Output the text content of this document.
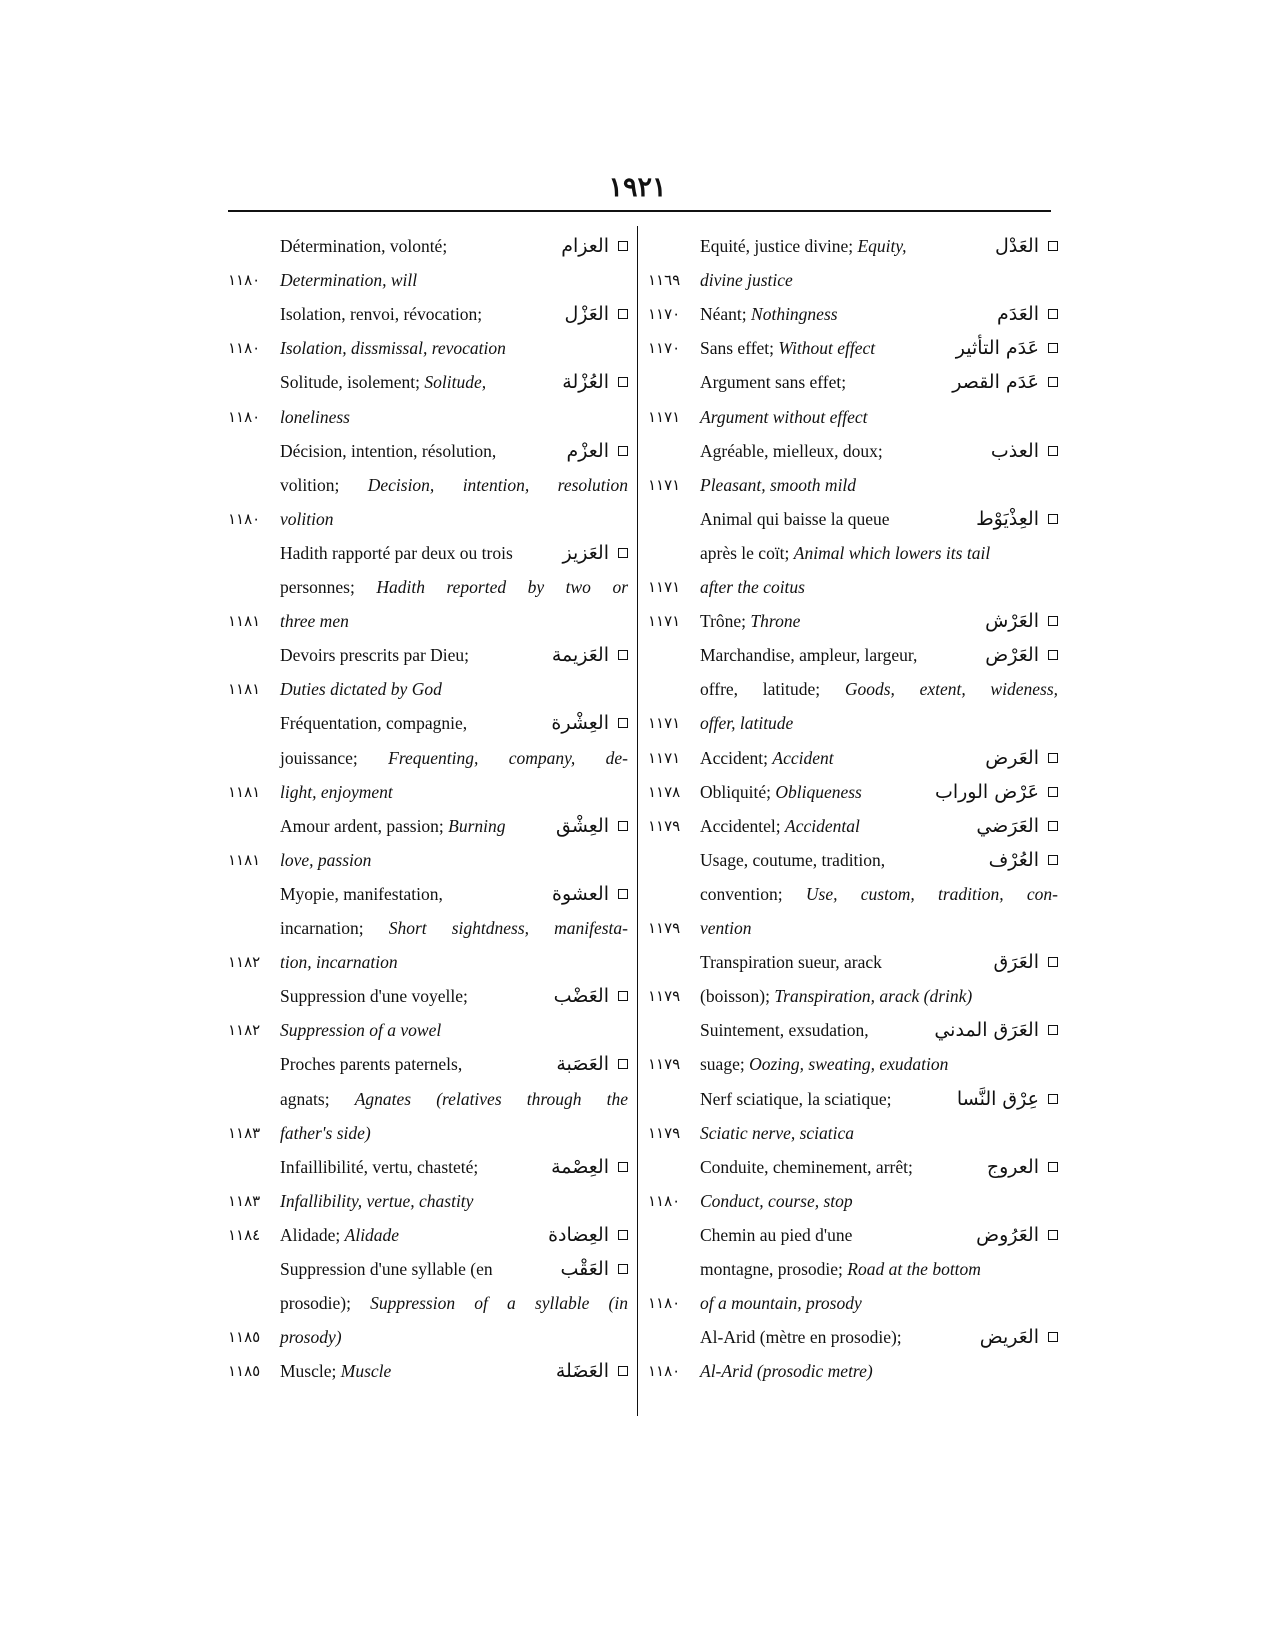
١٩٢١
Equité, justice divine; Equity,	العَدْل
١١٦٩ divine justice
١١٧٠ Néant; Nothingness	العَدَم
١١٧٠ Sans effet; Without effect	عَدَم التأثير
Argument sans effet;	عَدَم القصر
١١٧١ Argument without effect
Agréable, mielleux, doux;	العذب
١١٧١ Pleasant, smooth mild
Animal qui baisse la queue	العِذْيَوْط
après le coït; Animal which lowers its tail
١١٧١ after the coitus
١١٧١ Trône; Throne	العَرْش
Marchandise, ampleur, largeur,	العَرْض
offre, latitude; Goods, extent, wideness,
١١٧١ offer, latitude
١١٧١ Accident; Accident	العَرض
١١٧٨ Obliquité; Obliqueness	عَرْض الوراب
١١٧٩ Accidentel; Accidental	العَرَضي
Usage, coutume, tradition,	العُرْف
convention; Use, custom, tradition, con-
١١٧٩ vention
Transpiration sueur, arack	العَرَق
١١٧٩ (boisson); Transpiration, arack (drink)
Suintement, exsudation,	العَرَق المدني
١١٧٩ suage; Oozing, sweating, exudation
Nerf sciatique, la sciatique;	عِرْق النَّسا
١١٧٩ Sciatic nerve, sciatica
Conduite, cheminement, arrêt;	العروج
١١٨٠ Conduct, course, stop
Chemin au pied d'une	العَرُوض
montagne, prosodie; Road at the bottom
١١٨٠ of a mountain, prosody
Al-Arid (mètre en prosodie);	العَريض
١١٨٠ Al-Arid (prosodic metre)
Détermination, volonté;	العزام
١١٨٠ Determination, will
Isolation, renvoi, révocation;	العَزْل
١١٨٠ Isolation, dissmissal, revocation
Solitude, isolement; Solitude,	العُزْلة
١١٨٠ loneliness
Décision, intention, résolution,	العزْم
volition; Decision, intention, resolution
١١٨٠ volition
Hadith rapporté par deux ou trois	العَزيز
personnes; Hadith reported by two or
١١٨١ three men
Devoirs prescrits par Dieu;	العَزيمة
١١٨١ Duties dictated by God
Fréquentation, compagnie,	العِشْرة
jouissance; Frequenting, company, de-
١١٨١ light, enjoyment
Amour ardent, passion; Burning	العِشْق
١١٨١ love, passion
Myopie, manifestation,	العشوة
incarnation; Short sightdness, manifesta-
١١٨٢ tion, incarnation
Suppression d'une voyelle;	العَضْب
١١٨٢ Suppression of a vowel
Proches parents paternels,	العَصَبة
agnats; Agnates (relatives through the
١١٨٣ father's side)
Infaillibilité, vertu, chasteté;	العِصْمة
١١٨٣ Infallibility, vertue, chastity
١١٨٤ Alidade; Alidade	العِضادة
Suppression d'une syllable (en	العَقْب
prosodie); Suppression of a syllable (in
١١٨٥ prosody)
١١٨٥ Muscle; Muscle	العَضَلة
